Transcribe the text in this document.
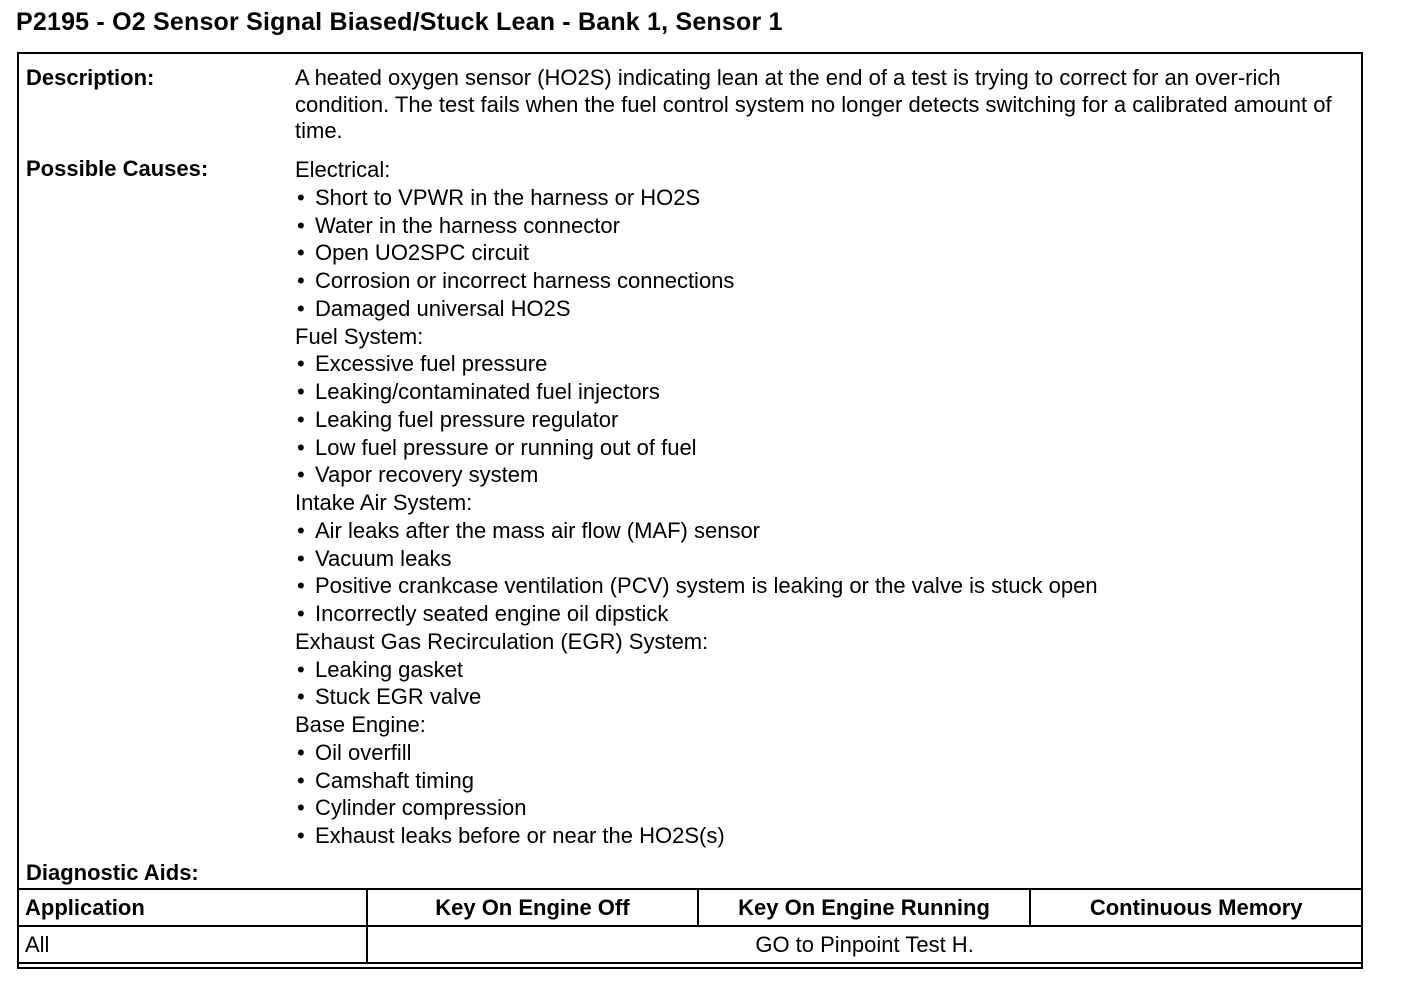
P2195 - O2 Sensor Signal Biased/Stuck Lean - Bank 1, Sensor 1
Description:	A heated oxygen sensor (HO2S) indicating lean at the end of a test is trying to correct for an over-rich condition. The test fails when the fuel control system no longer detects switching for a calibrated amount of time.
Possible Causes:	Electrical:
• Short to VPWR in the harness or HO2S
• Water in the harness connector
• Open UO2SPC circuit
• Corrosion or incorrect harness connections
• Damaged universal HO2S
Fuel System:
• Excessive fuel pressure
• Leaking/contaminated fuel injectors
• Leaking fuel pressure regulator
• Low fuel pressure or running out of fuel
• Vapor recovery system
Intake Air System:
• Air leaks after the mass air flow (MAF) sensor
• Vacuum leaks
• Positive crankcase ventilation (PCV) system is leaking or the valve is stuck open
• Incorrectly seated engine oil dipstick
Exhaust Gas Recirculation (EGR) System:
• Leaking gasket
• Stuck EGR valve
Base Engine:
• Oil overfill
• Camshaft timing
• Cylinder compression
• Exhaust leaks before or near the HO2S(s)
Diagnostic Aids:
Application	Key On Engine Off	Key On Engine Running	Continuous Memory
All	GO to Pinpoint Test H.		
